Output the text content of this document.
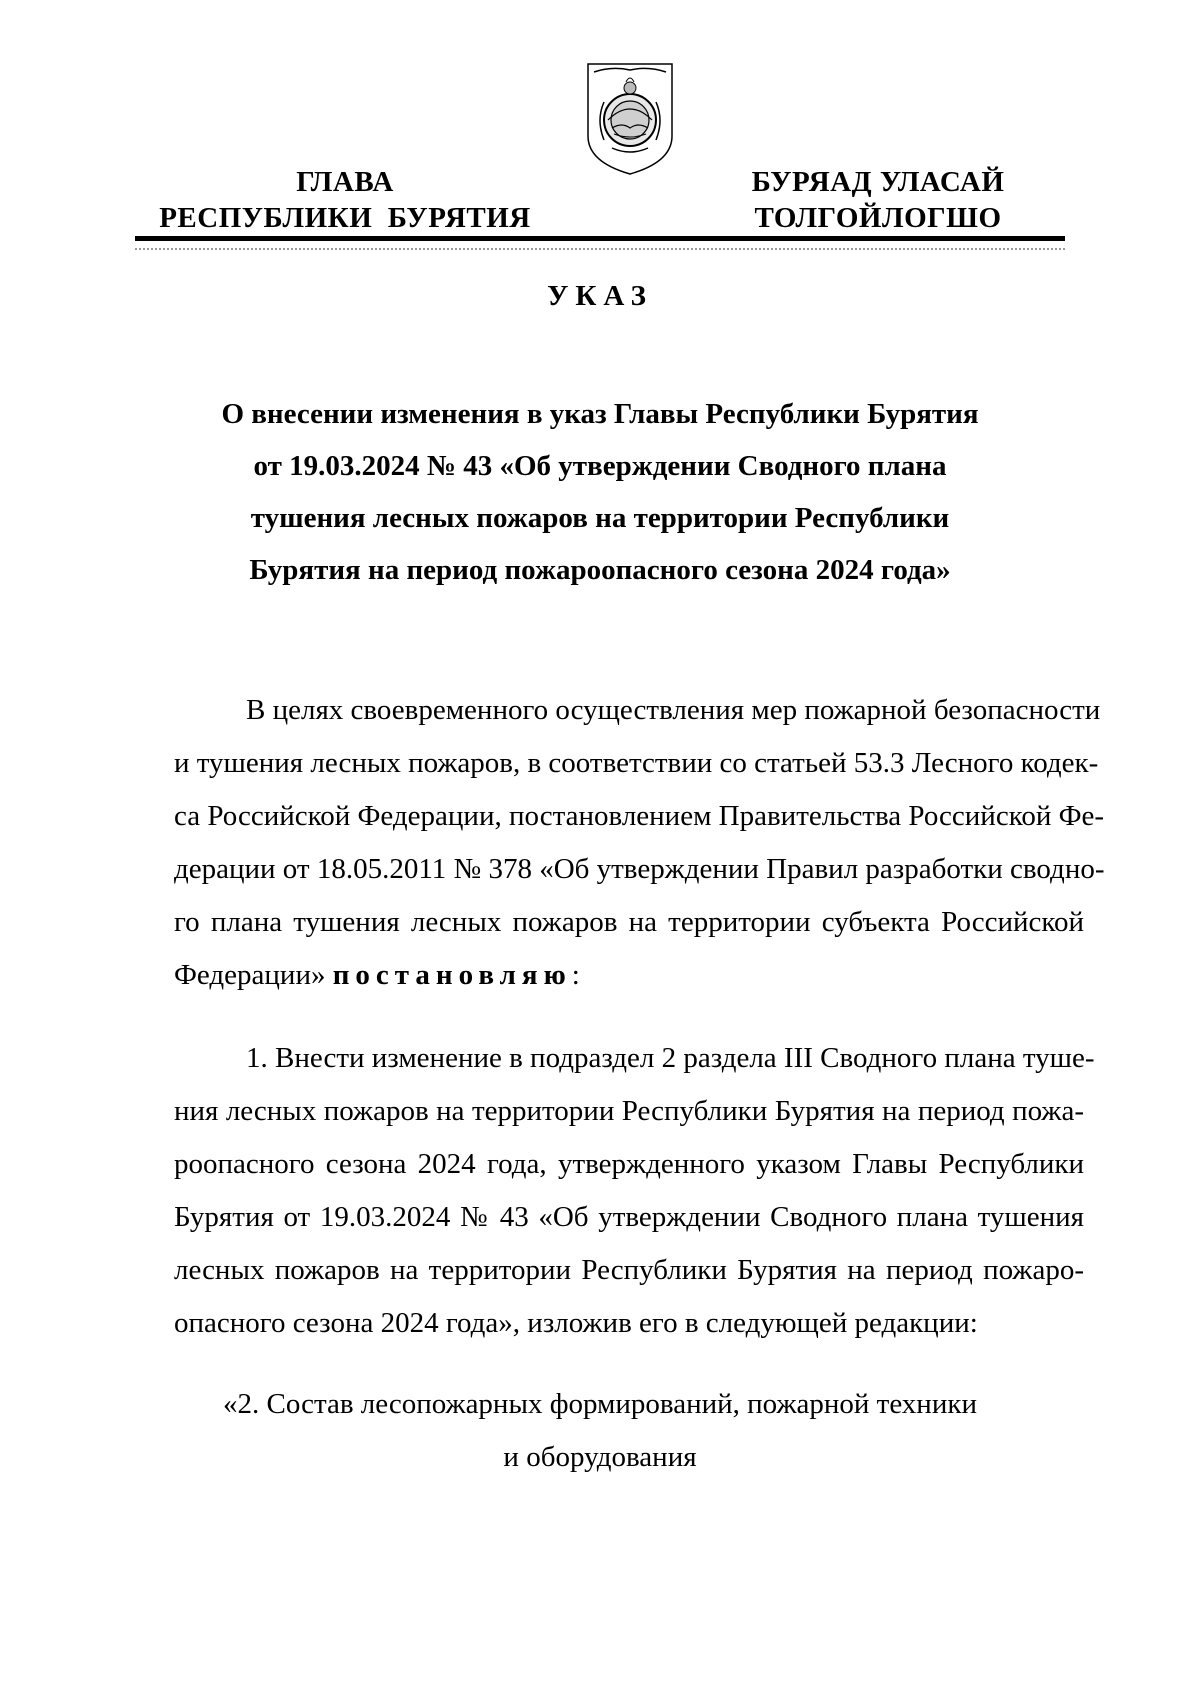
ГЛАВА
РЕСПУБЛИКИ  БУРЯТИЯ
БУРЯАД УЛАСАЙ
ТОЛГОЙЛОГШО
УКАЗ
О внесении изменения в указ Главы Республики Бурятия
от 19.03.2024 № 43 «Об утверждении Сводного плана
тушения лесных пожаров на территории Республики
Бурятия на период пожароопасного сезона 2024 года»
В целях своевременного осуществления мер пожарной безопасности
и тушения лесных пожаров, в соответствии со статьей 53.3 Лесного кодек-
са Российской Федерации, постановлением Правительства Российской Фе-
дерации от 18.05.2011 № 378 «Об утверждении Правил разработки сводно-
го плана тушения лесных пожаров на территории субъекта Российской
Федерации» постановляю:
1. Внести изменение в подраздел 2 раздела III Сводного плана туше-
ния лесных пожаров на территории Республики Бурятия на период пожа-
роопасного сезона 2024 года, утвержденного указом Главы Республики
Бурятия от 19.03.2024 № 43 «Об утверждении Сводного плана тушения
лесных пожаров на территории Республики Бурятия на период пожаро-
опасного сезона 2024 года», изложив его в следующей редакции:
«2. Состав лесопожарных формирований, пожарной техники
и оборудования
